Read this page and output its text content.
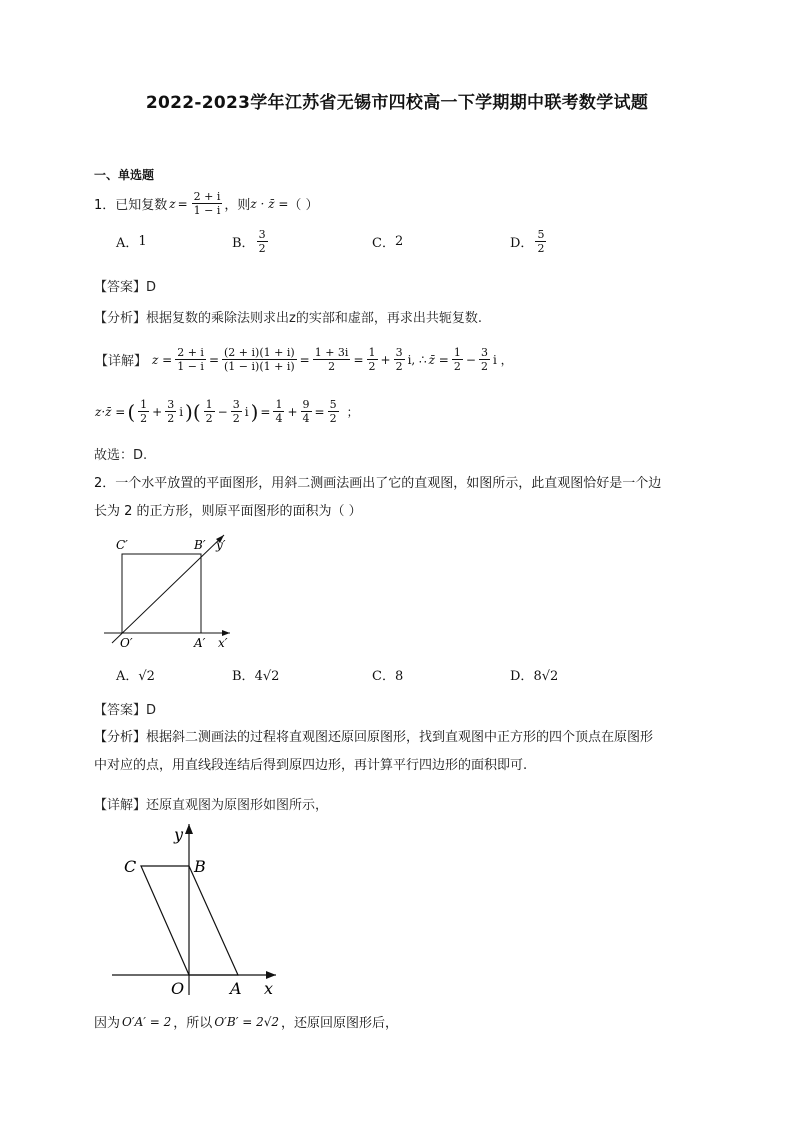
2022-2023学年江苏省无锡市四校高一下学期期中联考数学试题
一、单选题
1．已知复数 $z = \frac{2 + i}{1 - i}$ ，则 z · z̄ = （ ）
A． 1	B． $\frac{3}{2}$	C． 2	D． $\frac{5}{2}$
【答案】D
【分析】根据复数的乘除法则求出z的实部和虚部，再求出共轭复数.
【详解】 $z = \frac{2 + i}{1 - i} = \frac{(2 + i)(1 + i)}{(1 - i)(1 + i)} = \frac{1 + 3i}{2} = \frac{1}{2} + \frac{3}{2} i$, ∴ z̄ = $\frac{1}{2} - \frac{3}{2}$ i ，
z·z̄ = ( $\frac{1}{2} + \frac{3}{2}$ i )( $\frac{1}{2} - \frac{3}{2}$ i ) = $\frac{1}{4} + \frac{9}{4} = \frac{5}{2}$ ；
故选：D.
2．一个水平放置的平面图形，用斜二测画法画出了它的直观图，如图所示，此直观图恰好是一个边
长为 2 的正方形，则原平面图形的面积为（ ）
C′	B′ y′
O′	A′ x′
A．√2	B．4√2	C．8	D．8√2
【答案】D
【分析】根据斜二测画法的过程将直观图还原回原图形，找到直观图中正方形的四个顶点在原图形
中对应的点，用直线段连结后得到原四边形，再计算平行四边形的面积即可.
【详解】还原直观图为原图形如图所示，
y
C	B
O	A x
因为 O′A′ = 2 ，所以 O′B′ = 2√2 ，还原回原图形后，
